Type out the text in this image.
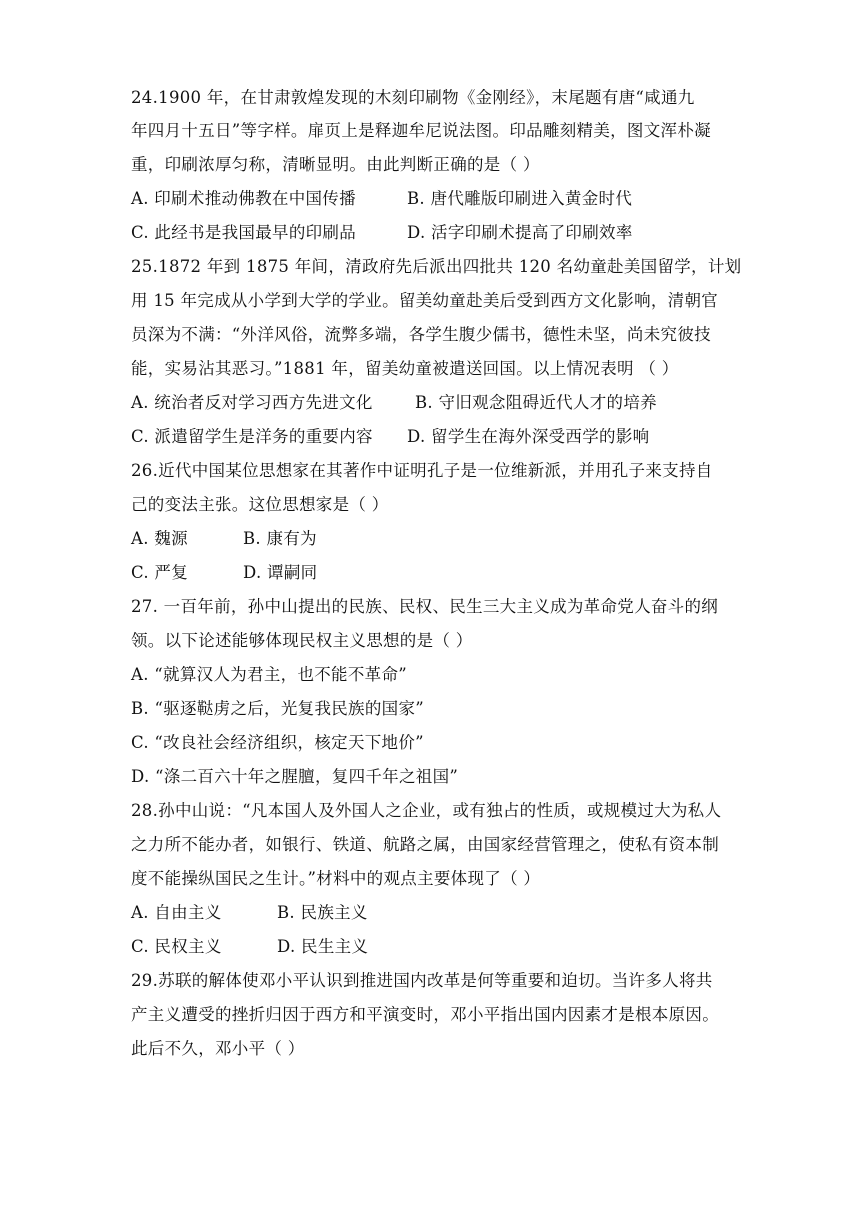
24.1900 年，在甘肃敦煌发现的木刻印刷物《金刚经》，末尾题有唐“咸通九
年四月十五日”等字样。扉页上是释迦牟尼说法图。印品雕刻精美，图文浑朴凝
重，印刷浓厚匀称，清晰显明。由此判断正确的是（ ）
A. 印刷术推动佛教在中国传播	B. 唐代雕版印刷进入黄金时代
C. 此经书是我国最早的印刷品	D. 活字印刷术提高了印刷效率
25.1872 年到 1875 年间，清政府先后派出四批共 120 名幼童赴美国留学，计划
用 15 年完成从小学到大学的学业。留美幼童赴美后受到西方文化影响，清朝官
员深为不满：“外洋风俗，流弊多端，各学生腹少儒书，德性未坚，尚未究彼技
能，实易沾其恶习。”1881 年，留美幼童被遣送回国。以上情况表明 （ ）
A. 统治者反对学习西方先进文化	B. 守旧观念阻碍近代人才的培养
C. 派遣留学生是洋务的重要内容 D. 留学生在海外深受西学的影响
26.近代中国某位思想家在其著作中证明孔子是一位维新派，并用孔子来支持自
己的变法主张。这位思想家是（ ）
A. 魏源	B. 康有为
C. 严复	D. 谭嗣同
27. 一百年前，孙中山提出的民族、民权、民生三大主义成为革命党人奋斗的纲
领。以下论述能够体现民权主义思想的是（ ）
A. “就算汉人为君主，也不能不革命”
B. “驱逐鞑虏之后，光复我民族的国家”
C. “改良社会经济组织，核定天下地价”
D. “涤二百六十年之腥膻，复四千年之祖国”
28.孙中山说：“凡本国人及外国人之企业，或有独占的性质，或规模过大为私人
之力所不能办者，如银行、铁道、航路之属，由国家经营管理之，使私有资本制
度不能操纵国民之生计。”材料中的观点主要体现了（ ）
A. 自由主义	B. 民族主义
C. 民权主义	D. 民生主义
29.苏联的解体使邓小平认识到推进国内改革是何等重要和迫切。当许多人将共
产主义遭受的挫折归因于西方和平演变时，邓小平指出国内因素才是根本原因。
此后不久，邓小平（ ）
